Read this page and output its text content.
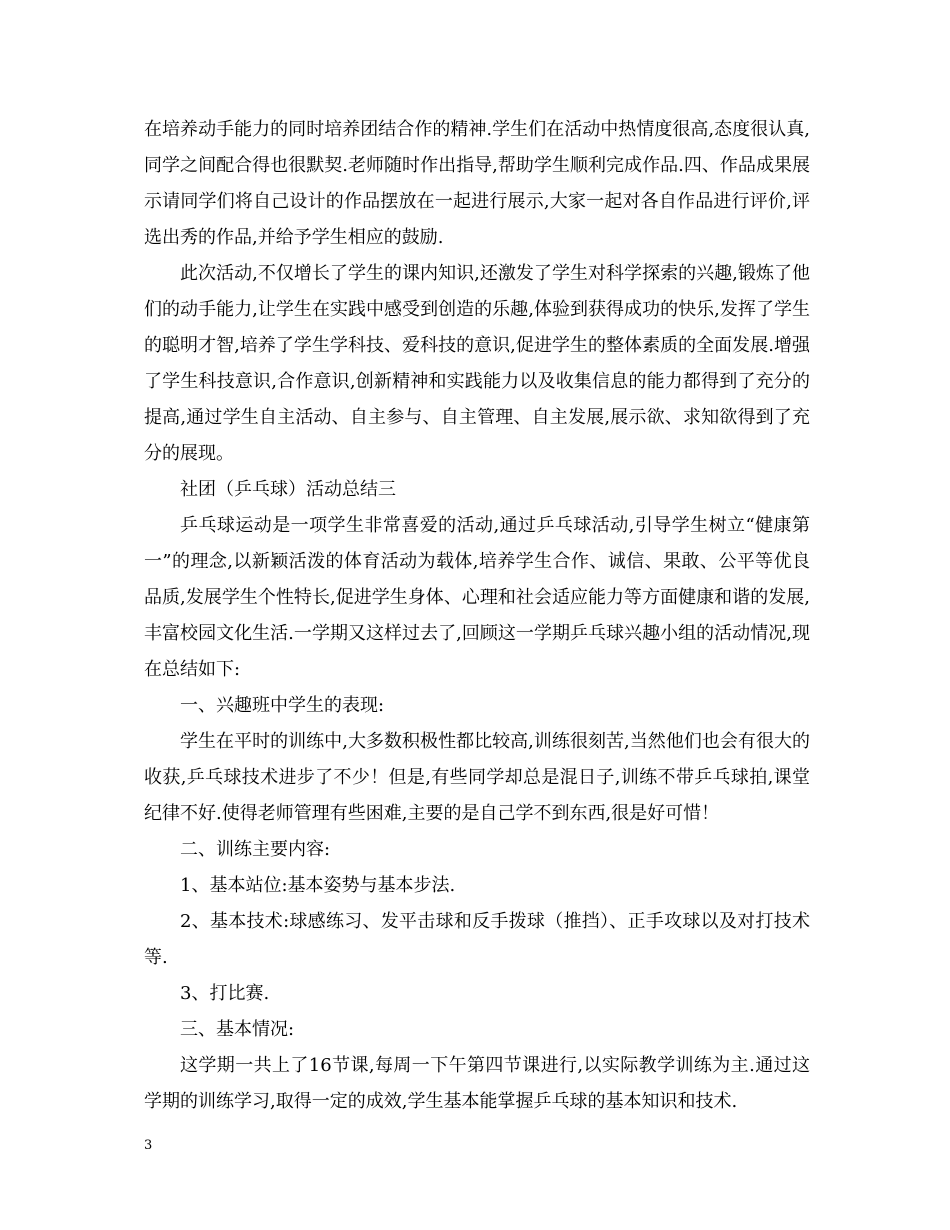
在培养动手能力的同时培养团结合作的精神.学生们在活动中热情度很高,态度很认真,同学之间配合得也很默契.老师随时作出指导,帮助学生顺利完成作品.四、作品成果展示请同学们将自己设计的作品摆放在一起进行展示,大家一起对各自作品进行评价,评选出秀的作品,并给予学生相应的鼓励.

此次活动,不仅增长了学生的课内知识,还激发了学生对科学探索的兴趣,锻炼了他们的动手能力,让学生在实践中感受到创造的乐趣,体验到获得成功的快乐,发挥了学生的聪明才智,培养了学生学科技、爱科技的意识,促进学生的整体素质的全面发展.增强了学生科技意识,合作意识,创新精神和实践能力以及收集信息的能力都得到了充分的提高,通过学生自主活动、自主参与、自主管理、自主发展,展示欲、求知欲得到了充分的展现。

社团（乒乓球）活动总结三

乒乓球运动是一项学生非常喜爱的活动,通过乒乓球活动,引导学生树立“健康第一”的理念,以新颖活泼的体育活动为载体,培养学生合作、诚信、果敢、公平等优良品质,发展学生个性特长,促进学生身体、心理和社会适应能力等方面健康和谐的发展,丰富校园文化生活.一学期又这样过去了,回顾这一学期乒乓球兴趣小组的活动情况,现在总结如下:

一、兴趣班中学生的表现:

学生在平时的训练中,大多数积极性都比较高,训练很刻苦,当然他们也会有很大的收获,乒乓球技术进步了不少！但是,有些同学却总是混日子,训练不带乒乓球拍,课堂纪律不好.使得老师管理有些困难,主要的是自己学不到东西,很是好可惜！

二、训练主要内容:

1、基本站位:基本姿势与基本步法.

2、基本技术:球感练习、发平击球和反手拨球（推挡）、正手攻球以及对打技术等.

3、打比赛.

三、基本情况:

这学期一共上了16节课,每周一下午第四节课进行,以实际教学训练为主.通过这学期的训练学习,取得一定的成效,学生基本能掌握乒乓球的基本知识和技术.

3
